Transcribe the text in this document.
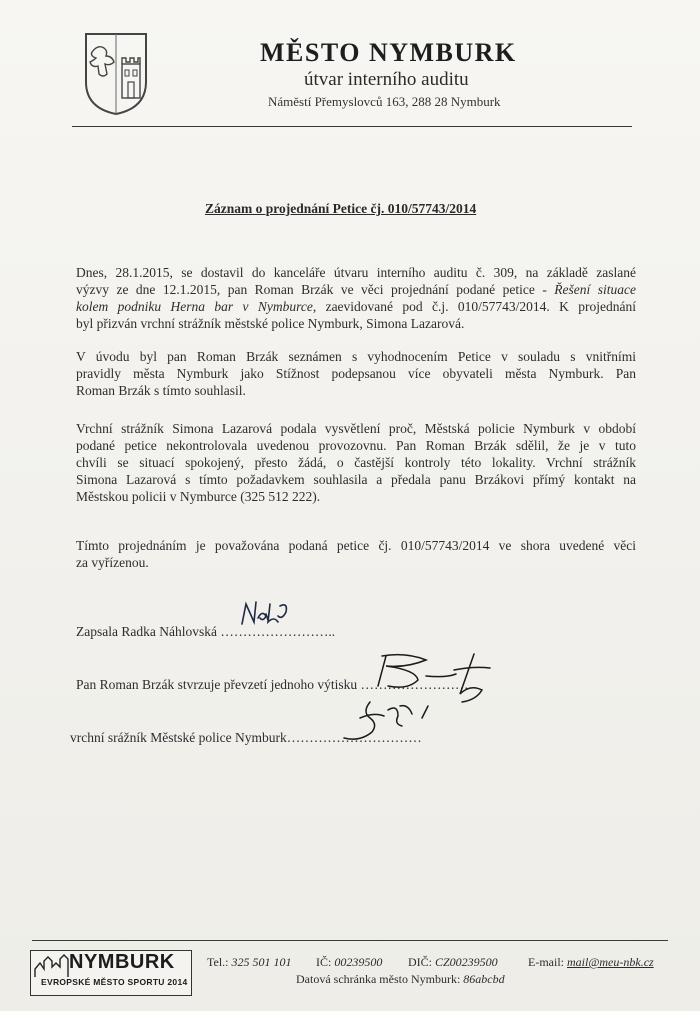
MĚSTO NYMBURK
útvar interního auditu
Náměstí Přemyslovců 163, 288 28 Nymburk
Záznam o projednání Petice čj. 010/57743/2014
Dnes, 28.1.2015, se dostavil do kanceláře útvaru interního auditu č. 309, na základě zaslané
výzvy ze dne 12.1.2015, pan Roman Brzák ve věci projednání podané petice - Řešení situace
kolem podniku Herna bar v Nymburce, zaevidované pod č.j. 010/57743/2014. K projednání
byl přizván vrchní strážník městské police Nymburk, Simona Lazarová.
V úvodu byl pan Roman Brzák seznámen s vyhodnocením Petice v souladu s vnitřními
pravidly města Nymburk jako Stížnost podepsanou více obyvateli města Nymburk. Pan
Roman Brzák s tímto souhlasil.
Vrchní strážník Simona Lazarová podala vysvětlení proč, Městská policie Nymburk v období
podané petice nekontrolovala uvedenou provozovnu. Pan Roman Brzák sdělil, že je v tuto
chvíli se situací spokojený, přesto žádá, o častější kontroly této lokality. Vrchní strážník
Simona Lazarová s tímto požadavkem souhlasila a předala panu Brzákovi přímý kontakt na
Městskou policii v Nymburce (325 512 222).
Tímto projednáním je považována podaná petice čj. 010/57743/2014 ve shora uvedené věci
za vyřízenou.
Zapsala Radka Náhlovská ……………………..
Pan Roman Brzák stvrzuje převzetí jednoho výtisku ……………………
vrchní srážník Městské police Nymburk…………………………
NYMBURK
EVROPSKÉ MĚSTO SPORTU 2014
Tel.: 325 501 101 IČ: 00239500 DIČ: CZ00239500	E-mail: mail@meu-nbk.cz
Datová schránka město Nymburk: 86abcbd
